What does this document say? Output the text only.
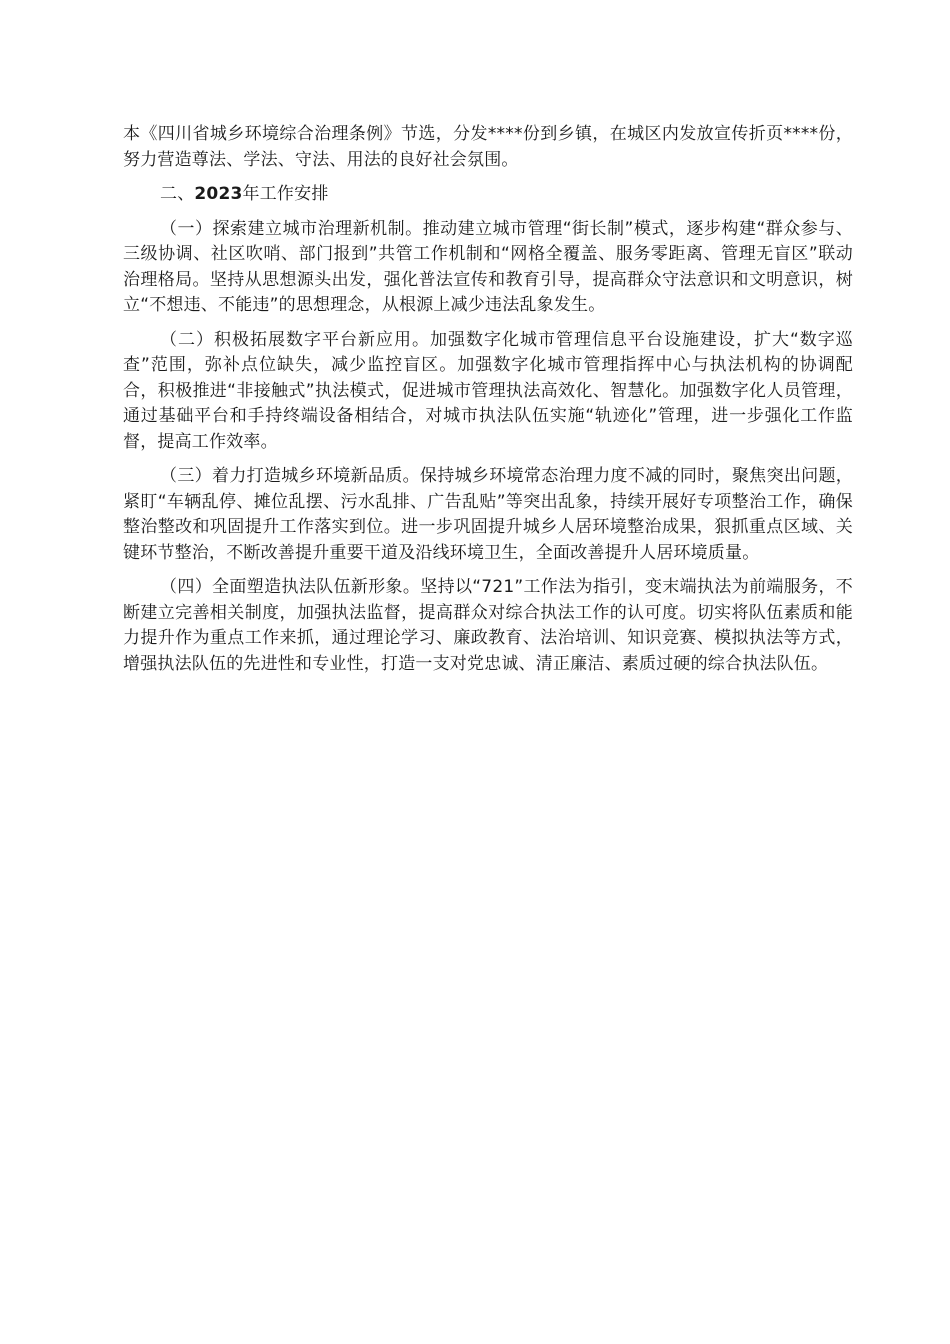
本《四川省城乡环境综合治理条例》节选，分发****份到乡镇，在城区内发放宣传折页****份，努力营造尊法、学法、守法、用法的良好社会氛围。

二、2023年工作安排

（一）探索建立城市治理新机制。推动建立城市管理“街长制”模式，逐步构建“群众参与、三级协调、社区吹哨、部门报到”共管工作机制和“网格全覆盖、服务零距离、管理无盲区”联动治理格局。坚持从思想源头出发，强化普法宣传和教育引导，提高群众守法意识和文明意识，树立“不想违、不能违”的思想理念，从根源上减少违法乱象发生。

（二）积极拓展数字平台新应用。加强数字化城市管理信息平台设施建设，扩大“数字巡查”范围，弥补点位缺失，减少监控盲区。加强数字化城市管理指挥中心与执法机构的协调配合，积极推进“非接触式”执法模式，促进城市管理执法高效化、智慧化。加强数字化人员管理，通过基础平台和手持终端设备相结合，对城市执法队伍实施“轨迹化”管理，进一步强化工作监督，提高工作效率。

（三）着力打造城乡环境新品质。保持城乡环境常态治理力度不减的同时，聚焦突出问题，紧盯“车辆乱停、摊位乱摆、污水乱排、广告乱贴”等突出乱象，持续开展好专项整治工作，确保整治整改和巩固提升工作落实到位。进一步巩固提升城乡人居环境整治成果，狠抓重点区域、关键环节整治，不断改善提升重要干道及沿线环境卫生，全面改善提升人居环境质量。

（四）全面塑造执法队伍新形象。坚持以“721”工作法为指引，变末端执法为前端服务，不断建立完善相关制度，加强执法监督，提高群众对综合执法工作的认可度。切实将队伍素质和能力提升作为重点工作来抓，通过理论学习、廉政教育、法治培训、知识竞赛、模拟执法等方式，增强执法队伍的先进性和专业性，打造一支对党忠诚、清正廉洁、素质过硬的综合执法队伍。
